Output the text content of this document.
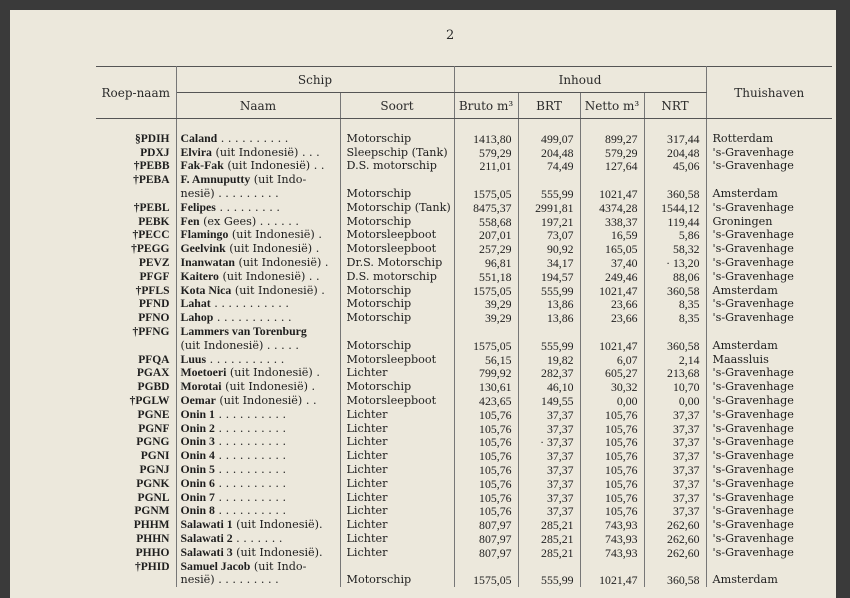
2
Roep-naam	Schip		Inhoud				Thuishaven
	Naam	Soort	Bruto m³	BRT	Netto m³	NRT	

§PDIH	Caland . . . . . . . . . .	Motorschip	1413,80	499,07	899,27	317,44	Rotterdam
PDXJ	Elvira (uit Indonesië) . . .	Sleepschip (Tank)	579,29	204,48	579,29	204,48	's-Gravenhage
†PEBB	Fak-Fak (uit Indonesië) . .	D.S. motorschip	211,01	74,49	127,64	45,06	's-Gravenhage
†PEBA	F. Amnuputty (uit Indo-						
	nesië) . . . . . . . . .	Motorschip	1575,05	555,99	1021,47	360,58	Amsterdam
†PEBL	Felipes . . . . . . . . .	Motorschip (Tank)	8475,37	2991,81	4374,28	1544,12	's-Gravenhage
PEBK	Fen (ex Gees) . . . . . .	Motorschip	558,68	197,21	338,37	119,44	Groningen
†PECC	Flamingo (uit Indonesië) .	Motorsleepboot	207,01	73,07	16,59	5,86	's-Gravenhage
†PEGG	Geelvink (uit Indonesië) .	Motorsleepboot	257,29	90,92	165,05	58,32	's-Gravenhage
PEVZ	Inanwatan (uit Indonesië) .	Dr.S. Motorschip	96,81	34,17	37,40	· 13,20	's-Gravenhage
PFGF	Kaitero (uit Indonesië) . .	D.S. motorschip	551,18	194,57	249,46	88,06	's-Gravenhage
†PFLS	Kota Nica (uit Indonesië) .	Motorschip	1575,05	555,99	1021,47	360,58	Amsterdam
PFND	Lahat . . . . . . . . . . .	Motorschip	39,29	13,86	23,66	8,35	's-Gravenhage
PFNO	Lahop . . . . . . . . . . .	Motorschip	39,29	13,86	23,66	8,35	's-Gravenhage
†PFNG	Lammers van Torenburg						
	(uit Indonesië) . . . . .	Motorschip	1575,05	555,99	1021,47	360,58	Amsterdam
PFQA	Luus . . . . . . . . . . .	Motorsleepboot	56,15	19,82	6,07	2,14	Maassluis
PGAX	Moetoeri (uit Indonesië) .	Lichter	799,92	282,37	605,27	213,68	's-Gravenhage
PGBD	Morotai (uit Indonesië) .	Motorschip	130,61	46,10	30,32	10,70	's-Gravenhage
†PGLW	Oemar (uit Indonesië) . .	Motorsleepboot	423,65	149,55	0,00	0,00	's-Gravenhage
PGNE	Onin 1 . . . . . . . . . .	Lichter	105,76	37,37	105,76	37,37	's-Gravenhage
PGNF	Onin 2 . . . . . . . . . .	Lichter	105,76	37,37	105,76	37,37	's-Gravenhage
PGNG	Onin 3 . . . . . . . . . .	Lichter	105,76	· 37,37	105,76	37,37	's-Gravenhage
PGNI	Onin 4 . . . . . . . . . .	Lichter	105,76	37,37	105,76	37,37	's-Gravenhage
PGNJ	Onin 5 . . . . . . . . . .	Lichter	105,76	37,37	105,76	37,37	's-Gravenhage
PGNK	Onin 6 . . . . . . . . . .	Lichter	105,76	37,37	105,76	37,37	's-Gravenhage
PGNL	Onin 7 . . . . . . . . . .	Lichter	105,76	37,37	105,76	37,37	's-Gravenhage
PGNM	Onin 8 . . . . . . . . . .	Lichter	105,76	37,37	105,76	37,37	's-Gravenhage
PHHM	Salawati 1 (uit Indonesië).	Lichter	807,97	285,21	743,93	262,60	's-Gravenhage
PHHN	Salawati 2 . . . . . . .	Lichter	807,97	285,21	743,93	262,60	's-Gravenhage
PHHO	Salawati 3 (uit Indonesië).	Lichter	807,97	285,21	743,93	262,60	's-Gravenhage
†PHID	Samuel Jacob (uit Indo-						
	nesië) . . . . . . . . .	Motorschip	1575,05	555,99	1021,47	360,58	Amsterdam
